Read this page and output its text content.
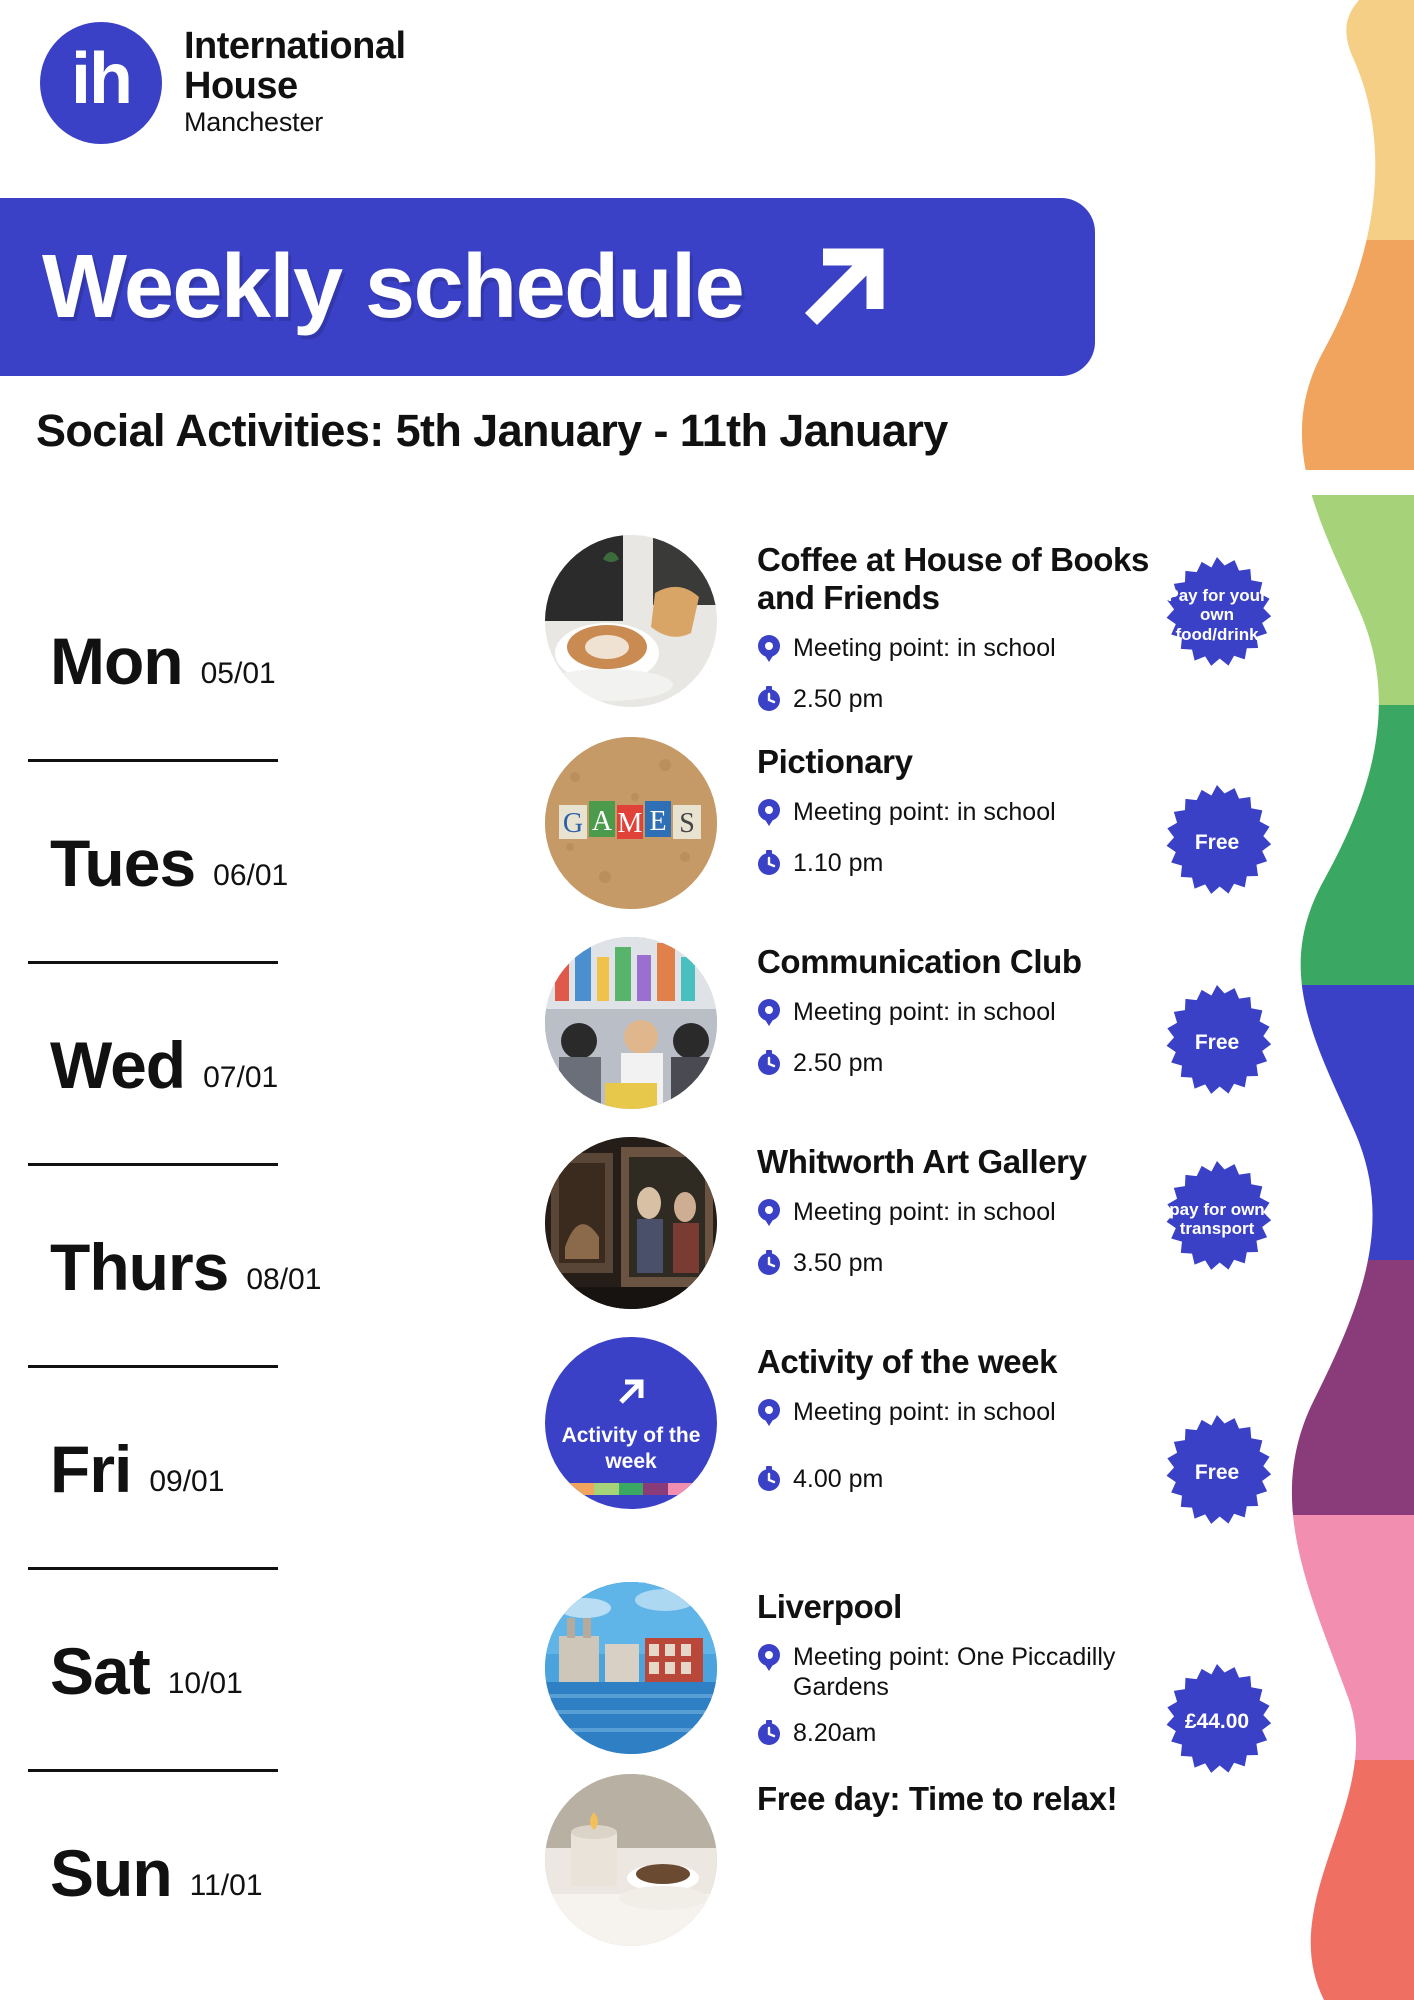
ih International
House
Manchester
Weekly schedule
Social Activities: 5th January - 11th January
Mon 05/01
Tues 06/01
Wed 07/01
Thurs 08/01
Fri 09/01
Sat 10/01
Sun 11/01
Coffee at House of Books and Friends
Meeting point: in school
2.50 pm
Pay for your own food/drink
G A M E S
Pictionary
Meeting point: in school
1.10 pm
Free
Communication Club
Meeting point: in school
2.50 pm
Free
Whitworth Art Gallery
Meeting point: in school
3.50 pm
pay for own transport
Activity of the week
Activity of the week
Meeting point: in school
4.00 pm	Free
Liverpool
Meeting point: One Piccadilly Gardens
8.20am	£44.00
Free day: Time to relax!
